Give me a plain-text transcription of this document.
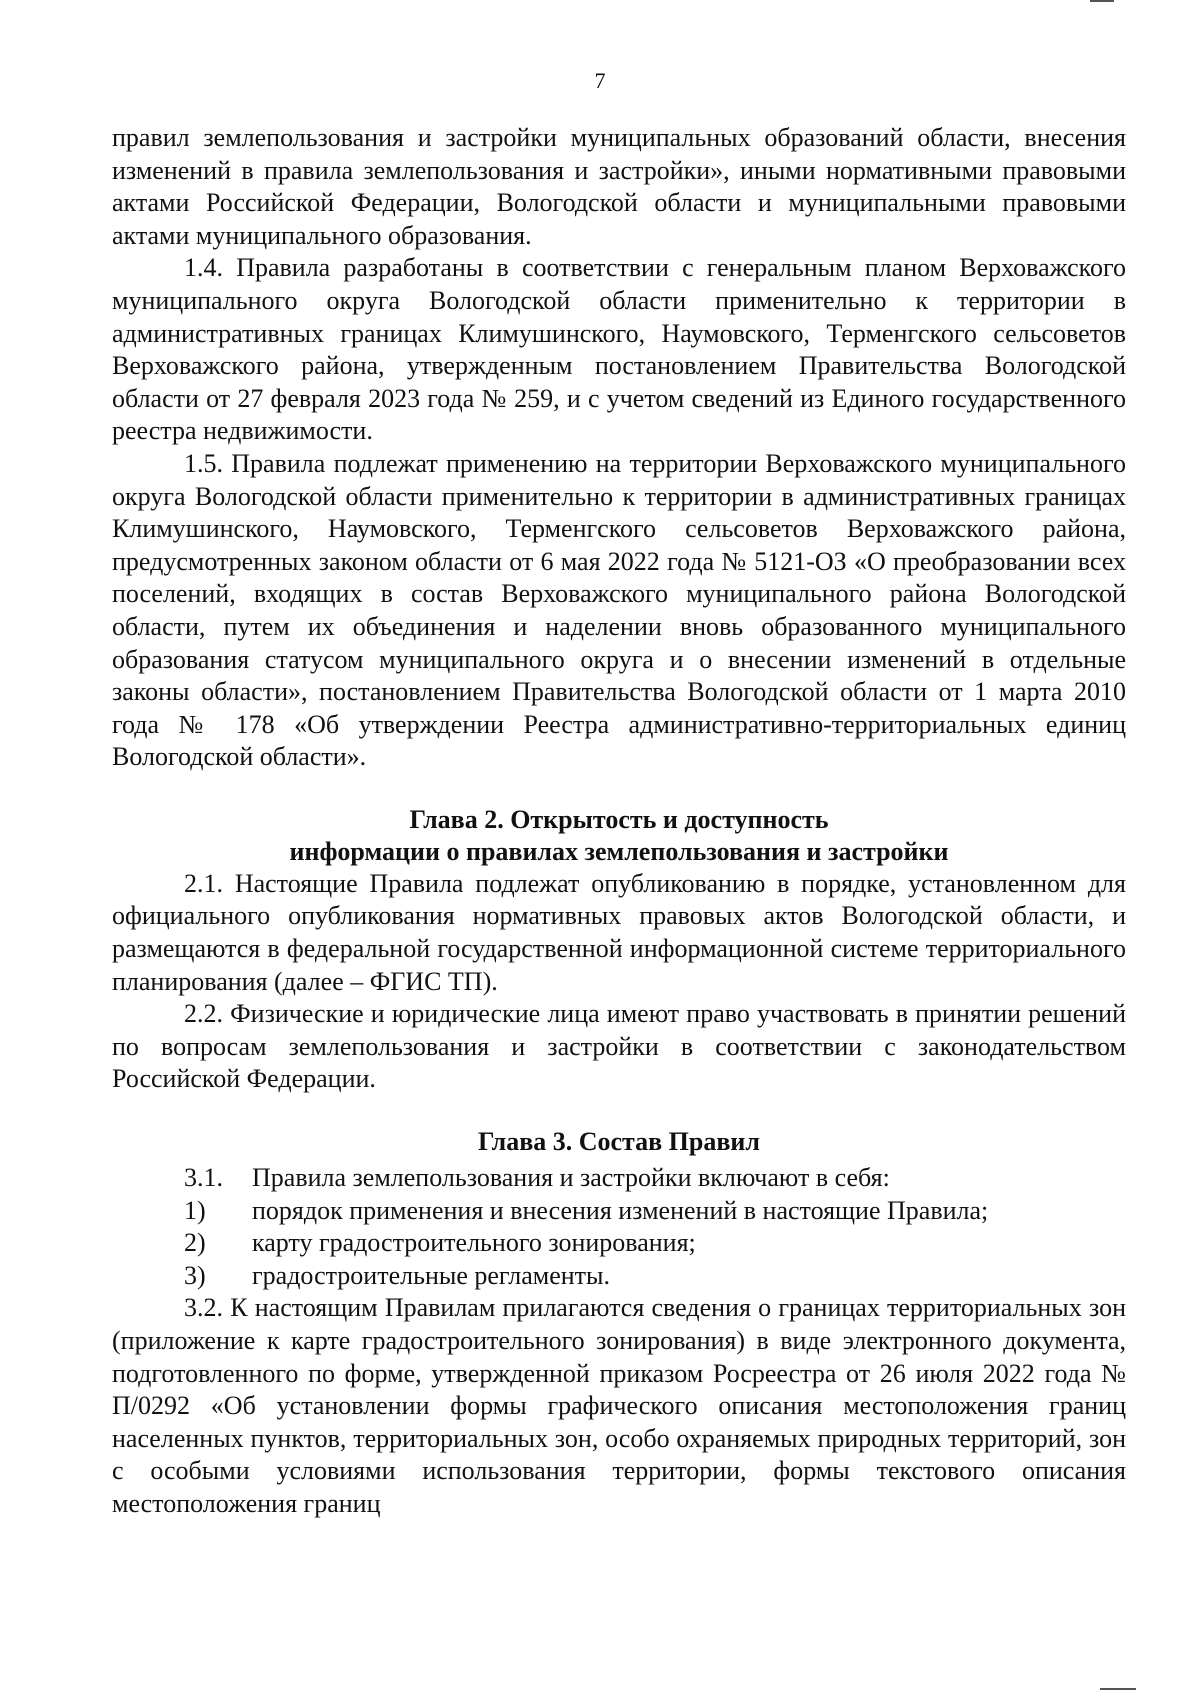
7

правил землепользования и застройки муниципальных образований области, внесения изменений в правила землепользования и застройки», иными нормативными правовыми актами Российской Федерации, Вологодской области и муниципальными правовыми актами муниципального образования.

1.4. Правила разработаны в соответствии с генеральным планом Верховажского муниципального округа Вологодской области применительно к территории в административных границах Климушинского, Наумовского, Терменгского сельсоветов Верховажского района, утвержденным постановлением Правительства Вологодской области от 27 февраля 2023 года № 259, и с учетом сведений из Единого государственного реестра недвижимости.

1.5. Правила подлежат применению на территории Верховажского муниципального округа Вологодской области применительно к территории в административных границах Климушинского, Наумовского, Терменгского сельсоветов Верховажского района, предусмотренных законом области от 6 мая 2022 года № 5121-ОЗ «О преобразовании всех поселений, входящих в состав Верховажского муниципального района Вологодской области, путем их объединения и наделении вновь образованного муниципального образования статусом муниципального округа и о внесении изменений в отдельные законы области», постановлением Правительства Вологодской области от 1 марта 2010 года № 178 «Об утверждении Реестра административно-территориальных единиц Вологодской области».

Глава 2. Открытость и доступность
информации о правилах землепользования и застройки

2.1. Настоящие Правила подлежат опубликованию в порядке, установленном для официального опубликования нормативных правовых актов Вологодской области, и размещаются в федеральной государственной информационной системе территориального планирования (далее – ФГИС ТП).

2.2. Физические и юридические лица имеют право участвовать в принятии решений по вопросам землепользования и застройки в соответствии с законодательством Российской Федерации.

Глава 3. Состав Правил
3.1.	Правила землепользования и застройки включают в себя:
1)	порядок применения и внесения изменений в настоящие Правила;
2)	карту градостроительного зонирования;
3)	градостроительные регламенты.

3.2. К настоящим Правилам прилагаются сведения о границах территориальных зон (приложение к карте градостроительного зонирования) в виде электронного документа, подготовленного по форме, утвержденной приказом Росреестра от 26 июля 2022 года № П/0292 «Об установлении формы графического описания местоположения границ населенных пунктов, территориальных зон, особо охраняемых природных территорий, зон с особыми условиями использования территории, формы текстового описания местоположения границ
